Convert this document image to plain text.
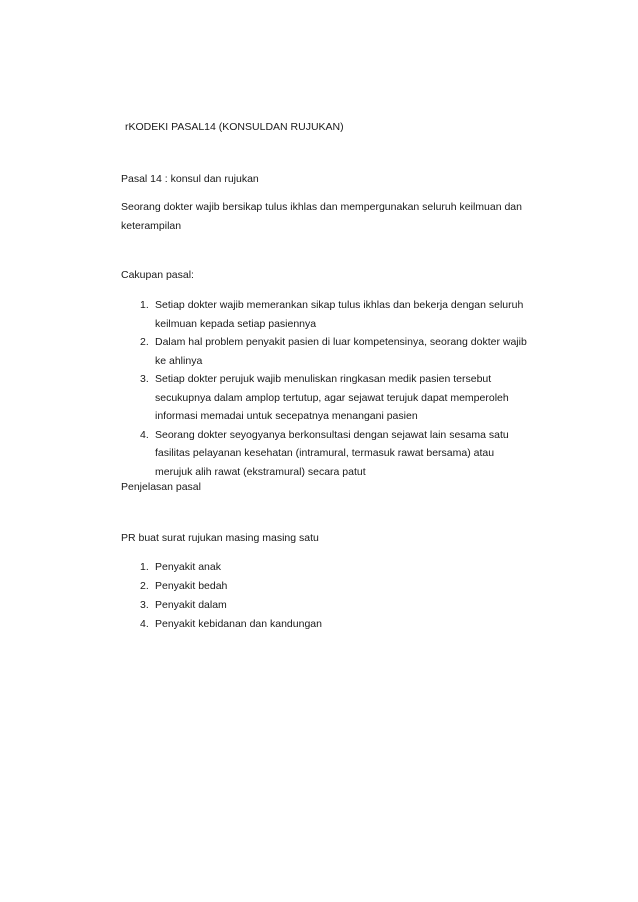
rKODEKI PASAL14 (KONSULDAN RUJUKAN)

Pasal 14 : konsul dan rujukan

Seorang dokter wajib bersikap tulus ikhlas dan mempergunakan seluruh keilmuan dan
keterampilan

Cakupan pasal:

1. Setiap dokter wajib memerankan sikap tulus ikhlas dan bekerja dengan seluruh
keilmuan kepada setiap pasiennya
2. Dalam hal problem penyakit pasien di luar kompetensinya, seorang dokter wajib
ke ahlinya
3. Setiap dokter perujuk wajib menuliskan ringkasan medik pasien tersebut
secukupnya dalam amplop tertutup, agar sejawat terujuk dapat memperoleh
informasi memadai untuk secepatnya menangani pasien
4. Seorang dokter seyogyanya berkonsultasi dengan sejawat lain sesama satu
fasilitas pelayanan kesehatan (intramural, termasuk rawat bersama) atau
merujuk alih rawat (ekstramural) secara patut

Penjelasan pasal

PR buat surat rujukan masing masing satu

1. Penyakit anak
2. Penyakit bedah
3. Penyakit dalam
4. Penyakit kebidanan dan kandungan
